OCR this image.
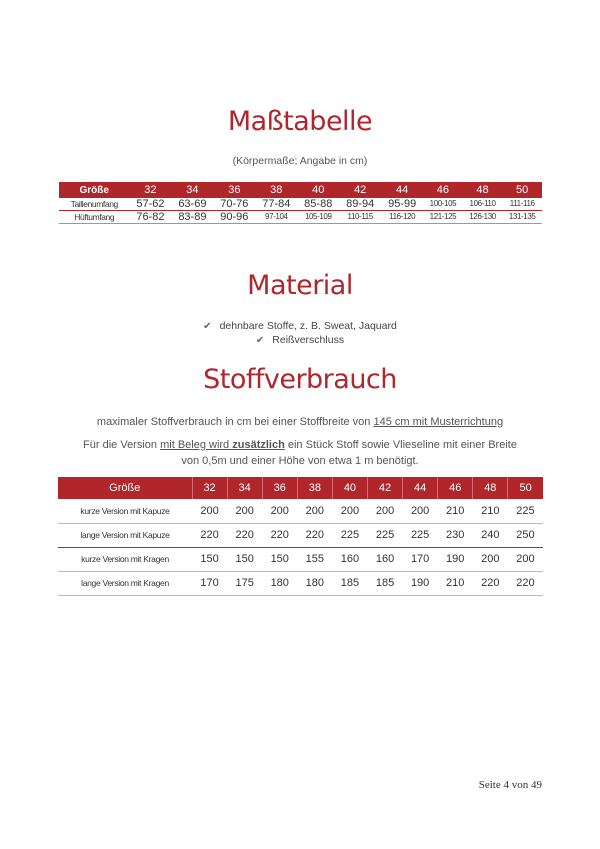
Maßtabelle
(Körpermaße; Angabe in cm)
Größe	32	34	36	38	40	42	44	46	48	50
Taillenumfang	57-62	63-69	70-76	77-84	85-88	89-94	95-99	100-105	106-110	111-116
Hüftumfang	76-82	83-89	90-96	97-104	105-109	110-115	116-120	121-125	126-130	131-135
Material
✔ dehnbare Stoffe, z. B. Sweat, Jaquard
✔ Reißverschluss
Stoffverbrauch
maximaler Stoffverbrauch in cm bei einer Stoffbreite von 145 cm mit Musterrichtung
Für die Version mit Beleg wird zusätzlich ein Stück Stoff sowie Vlieseline mit einer Breite
von 0,5m und einer Höhe von etwa 1 m benötigt.
Größe	32	34	36	38	40	42	44	46	48	50
kurze Version mit Kapuze	200	200	200	200	200	200	200	210	210	225
lange Version mit Kapuze	220	220	220	220	225	225	225	230	240	250
kurze Version mit Kragen	150	150	150	155	160	160	170	190	200	200
lange Version mit Kragen	170	175	180	180	185	185	190	210	220	220
Seite 4 von 49
